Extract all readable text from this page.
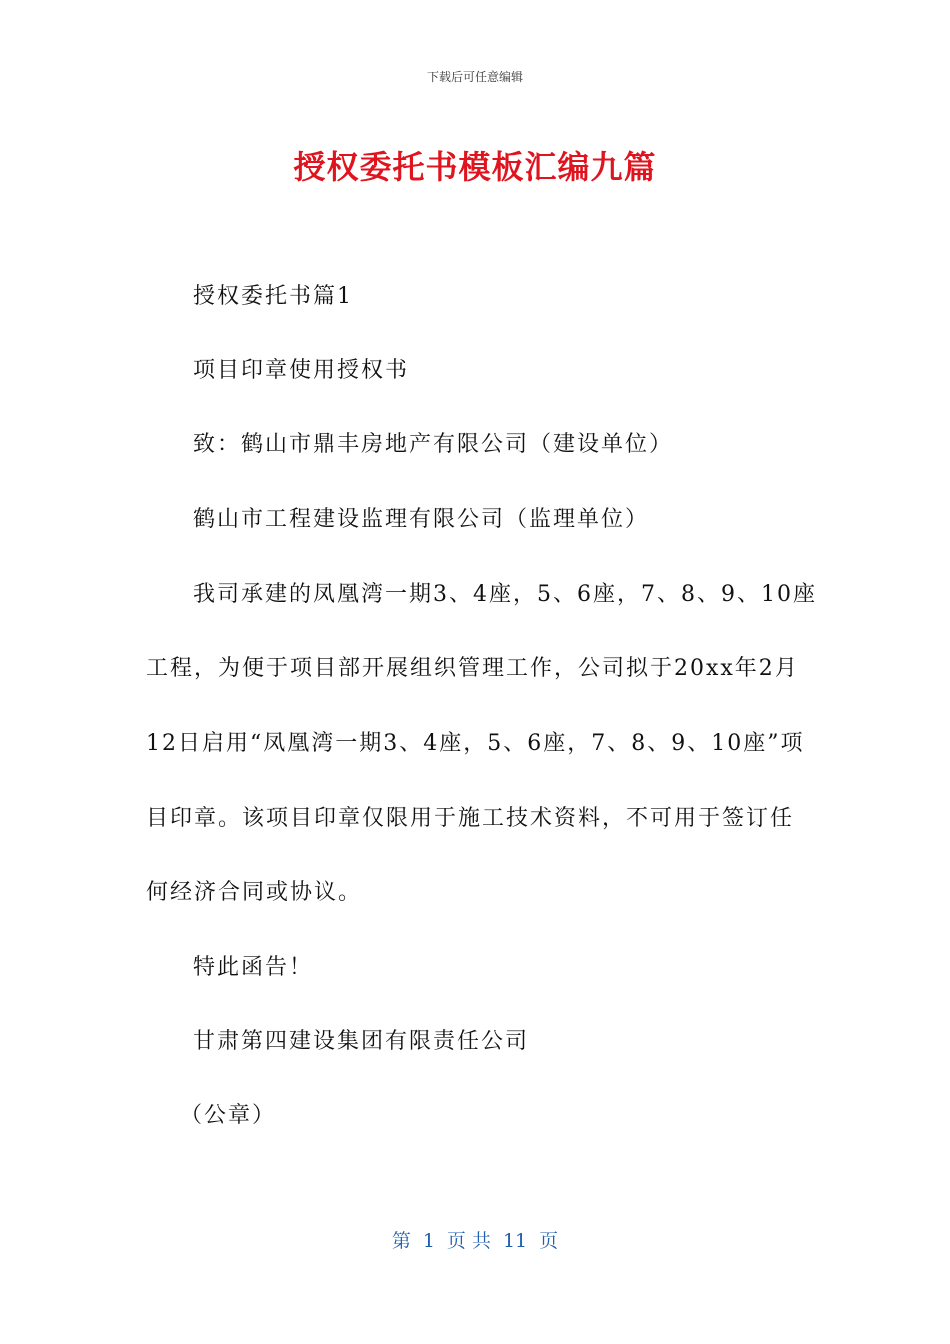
下载后可任意编辑
授权委托书模板汇编九篇
授权委托书篇1
项目印章使用授权书
致：鹤山市鼎丰房地产有限公司（建设单位）
鹤山市工程建设监理有限公司（监理单位）
我司承建的凤凰湾一期3、4座，5、6座，7、8、9、10座
工程，为便于项目部开展组织管理工作，公司拟于20xx年2月
12日启用“凤凰湾一期3、4座，5、6座，7、8、9、10座”项
目印章。该项目印章仅限用于施工技术资料，不可用于签订任
何经济合同或协议。
特此函告！
甘肃第四建设集团有限责任公司
（公章）
第 1 页 共 11 页
